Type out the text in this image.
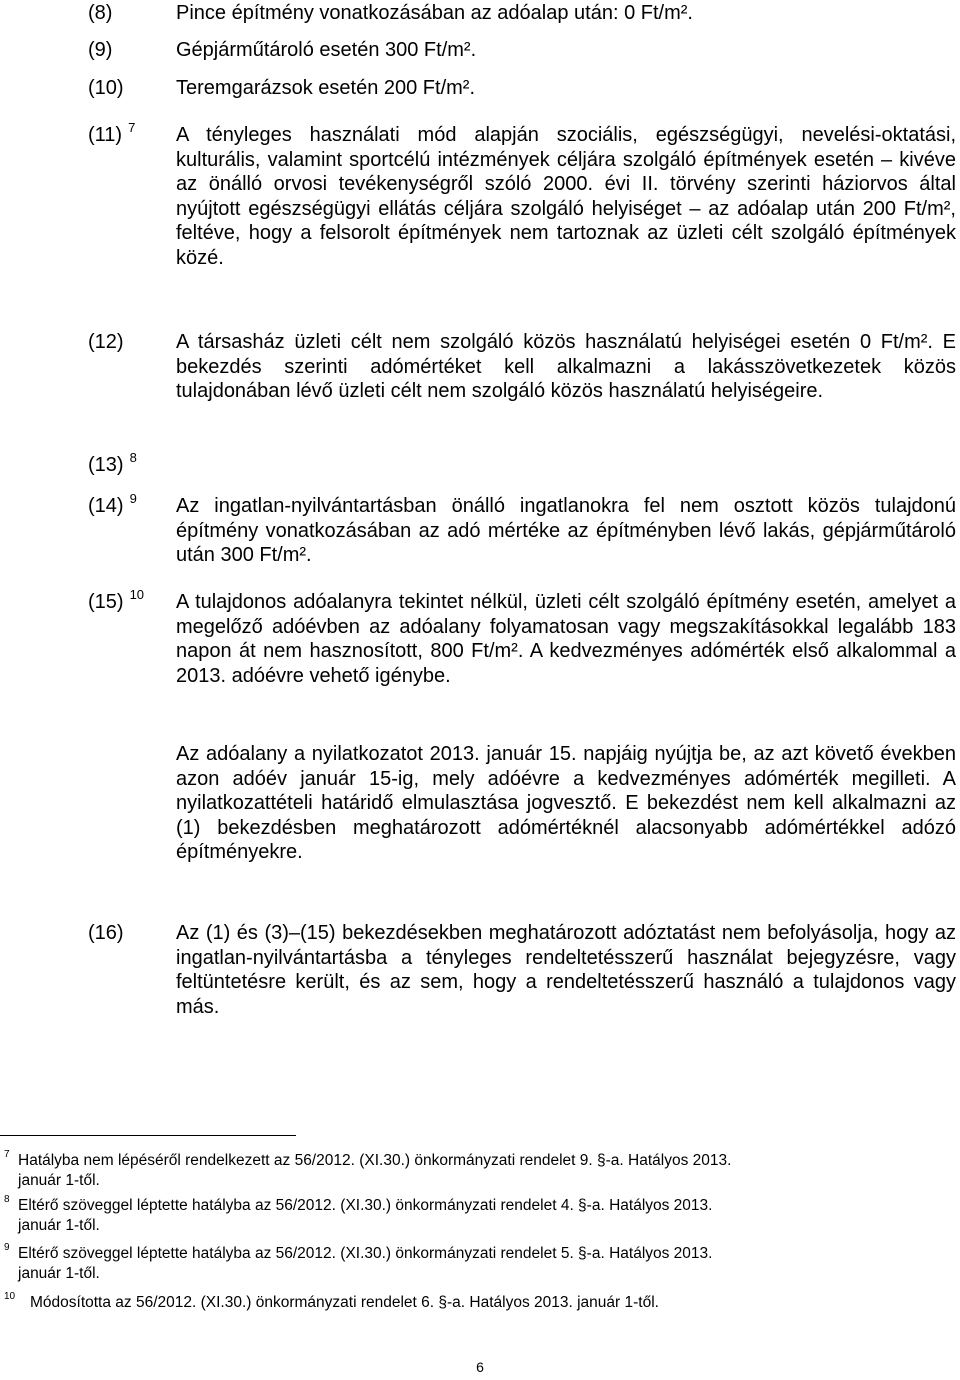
(8)	Pince építmény vonatkozásában az adóalap után: 0 Ft/m².
(9)	Gépjárműtároló esetén 300 Ft/m².
(10)	Teremgarázsok esetén 200 Ft/m².
(11) $^7$ A tényleges használati mód alapján szociális, egészségügyi, nevelési-oktatási, kulturális, valamint sportcélú intézmények céljára szolgáló építmények esetén – kivéve az önálló orvosi tevékenységről szóló 2000. évi II. törvény szerinti háziorvos által nyújtott egészségügyi ellátás céljára szolgáló helyiséget – az adóalap után 200 Ft/m², feltéve, hogy a felsorolt építmények nem tartoznak az üzleti célt szolgáló építmények közé.
(12)	A társasház üzleti célt nem szolgáló közös használatú helyiségei esetén 0 Ft/m². E bekezdés szerinti adómértéket kell alkalmazni a lakásszövetkezetek közös tulajdonában lévő üzleti célt nem szolgáló közös használatú helyiségeire.
(13) $^8$
(14) $^9$ Az ingatlan-nyilvántartásban önálló ingatlanokra fel nem osztott közös tulajdonú építmény vonatkozásában az adó mértéke az építményben lévő lakás, gépjárműtároló után 300 Ft/m².
(15) $^{10}$ A tulajdonos adóalanyra tekintet nélkül, üzleti célt szolgáló építmény esetén, amelyet a megelőző adóévben az adóalany folyamatosan vagy megszakításokkal legalább 183 napon át nem hasznosított, 800 Ft/m². A kedvezményes adómérték első alkalommal a 2013. adóévre vehető igénybe.
Az adóalany a nyilatkozatot 2013. január 15. napjáig nyújtja be, az azt követő években azon adóév január 15-ig, mely adóévre a kedvezményes adómérték megilleti. A nyilatkozattételi határidő elmulasztása jogvesztő. E bekezdést nem kell alkalmazni az (1) bekezdésben meghatározott adómértéknél alacsonyabb adómértékkel adózó építményekre.
(16)	Az (1) és (3)–(15) bekezdésekben meghatározott adóztatást nem befolyásolja, hogy az ingatlan-nyilvántartásba a tényleges rendeltetésszerű használat bejegyzésre, vagy feltüntetésre került, és az sem, hogy a rendeltetésszerű használó a tulajdonos vagy más.
7 Hatályba nem lépéséről rendelkezett az 56/2012. (XI.30.) önkormányzati rendelet 9. §-a. Hatályos 2013.
január 1-től.
8 Eltérő szöveggel léptette hatályba az 56/2012. (XI.30.) önkormányzati rendelet 4. §-a. Hatályos 2013.
január 1-től.
9 Eltérő szöveggel léptette hatályba az 56/2012. (XI.30.) önkormányzati rendelet 5. §-a. Hatályos 2013.
január 1-től.
10 Módosította az 56/2012. (XI.30.) önkormányzati rendelet 6. §-a. Hatályos 2013. január 1-től.
6
